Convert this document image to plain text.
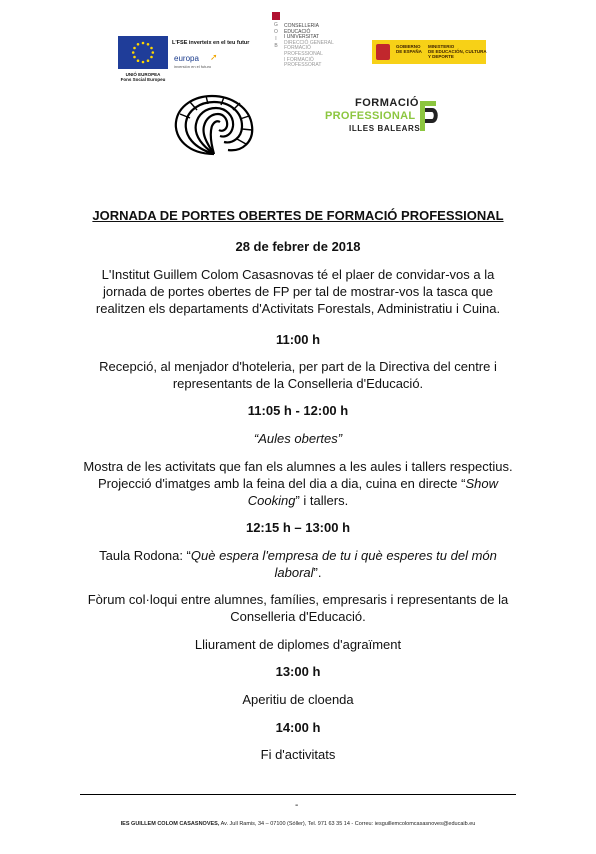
L'FSE inverteix en el teu futur
europa ➚
inversión en el futuro
UNIÓ EUROPEA
Fons Social Europeu
G
O
I
B
CONSELLERIA
EDUCACIÓ
I UNIVERSITAT
DIRECCIÓ GENERAL
FORMACIÓ
PROFESSIONAL
I FORMACIÓ
PROFESSORAT
GOBIERNO
DE ESPAÑA
MINISTERIO
DE EDUCACIÓN, CULTURA
Y DEPORTE
FORMACIÓ
PROFESSIONAL
ILLES BALEARS
JORNADA DE PORTES OBERTES DE FORMACIÓ PROFESSIONAL
28 de febrer de 2018
L'Institut Guillem Colom Casasnovas té el plaer de convidar-vos a la
jornada de portes obertes de FP per tal de mostrar-vos la tasca que
realitzen els departaments d'Activitats Forestals, Administratiu i Cuina.
11:00 h
Recepció, al menjador d'hoteleria, per part de la Directiva del centre i
representants de la Conselleria d'Educació.
11:05 h - 12:00 h
“Aules obertes”
Mostra de les activitats que fan els alumnes a les aules i tallers respectius.
Projecció d'imatges amb la feina del dia a dia, cuina en directe “Show
Cooking” i tallers.
12:15 h – 13:00 h
Taula Rodona: “Què espera l'empresa de tu i què esperes tu del món
laboral”.
Fòrum col·loqui entre alumnes, famílies, empresaris i representants de la
Conselleria d'Educació.
Lliurament de diplomes d'agraïment
13:00 h
Aperitiu de cloenda
14:00 h
Fi d'activitats
-
IES GUILLEM COLOM CASASNOVES, Av. Jull Ramis, 34 – 07100 (Sóller), Tel. 971 63 35 14 - Correu: iesguillemcolomcasasnoves@educaib.eu
